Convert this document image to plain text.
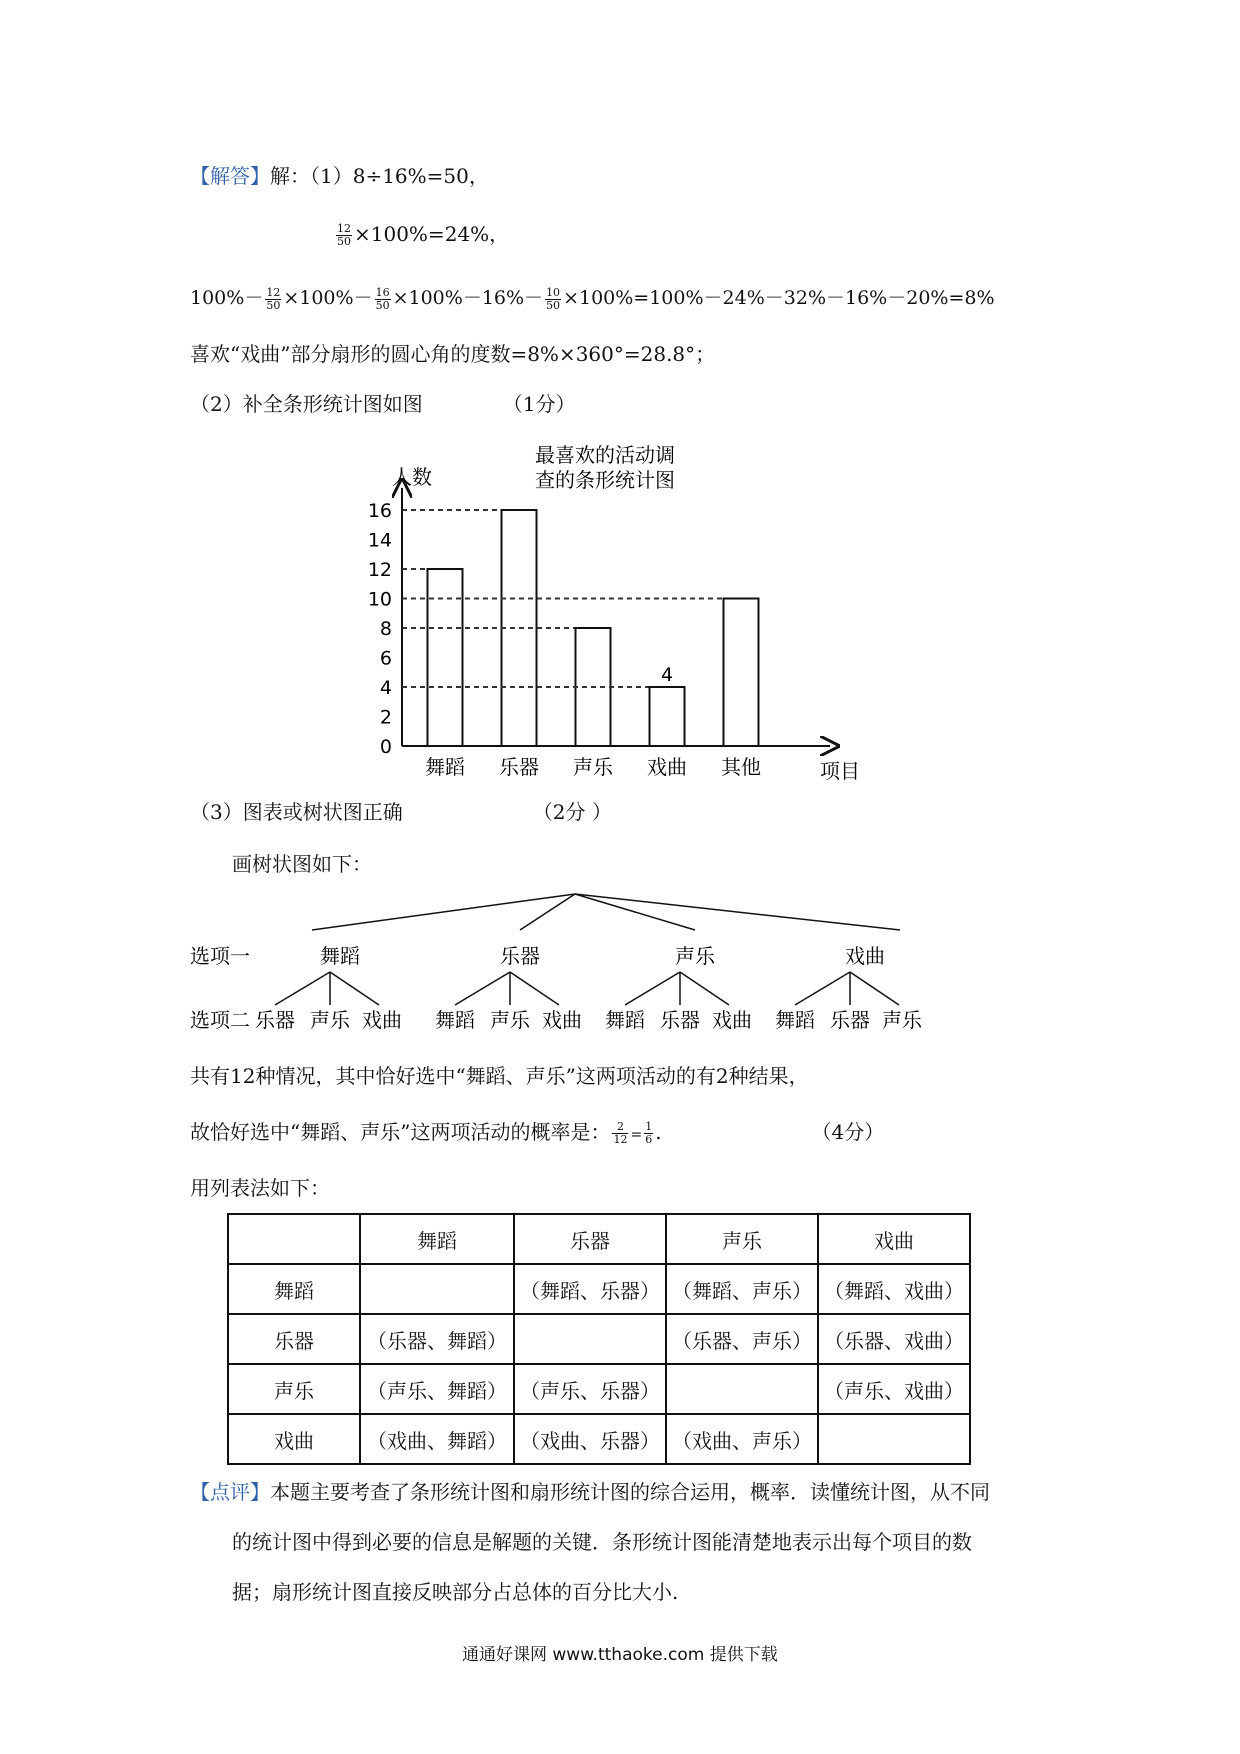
【解答】解：（1）8÷16%=50，
$\frac{12}{50} \times 100\%=24\%$，
$100\%- \frac{12}{50} \times 100\%- \frac{16}{50} \times 100\%-16\%- \frac{10}{50} \times 100\%=100\%-24\%-32\%-16\%-20\%=8\%$
喜欢“戏曲”部分扇形的圆心角的度数=8%×360°=28.8°；
（2）补全条形统计图如图	（1分）
0
2
4
6
8
10
12
14
16
人数
最喜欢的活动调
查的条形统计图
舞蹈 乐器 声乐 戏曲 其他
4
项目
（3）图表或树状图正确	（2分 ）
画树状图如下：
选项一	舞蹈	乐器	声乐	戏曲
选项二 乐器 声乐 戏曲 舞蹈 声乐 戏曲 舞蹈 乐器 戏曲 舞蹈 乐器 声乐
共有12种情况，其中恰好选中“舞蹈、声乐”这两项活动的有2种结果，
故恰好选中“舞蹈、声乐”这两项活动的概率是： $\frac{2}{12} = \frac{1}{6}$ .	（4分）
用列表法如下：
	舞蹈	乐器	声乐	戏曲
舞蹈		（舞蹈、乐器）	（舞蹈、声乐）	（舞蹈、戏曲）
乐器	（乐器、舞蹈）		（乐器、声乐）	（乐器、戏曲）
声乐	（声乐、舞蹈）	（声乐、乐器）		（声乐、戏曲）
戏曲	（戏曲、舞蹈）	（戏曲、乐器）	（戏曲、声乐）	
【点评】本题主要考查了条形统计图和扇形统计图的综合运用，概率．读懂统计图，从不同
的统计图中得到必要的信息是解题的关键．条形统计图能清楚地表示出每个项目的数
据；扇形统计图直接反映部分占总体的百分比大小.
通通好课网 www.tthaoke.com 提供下载
